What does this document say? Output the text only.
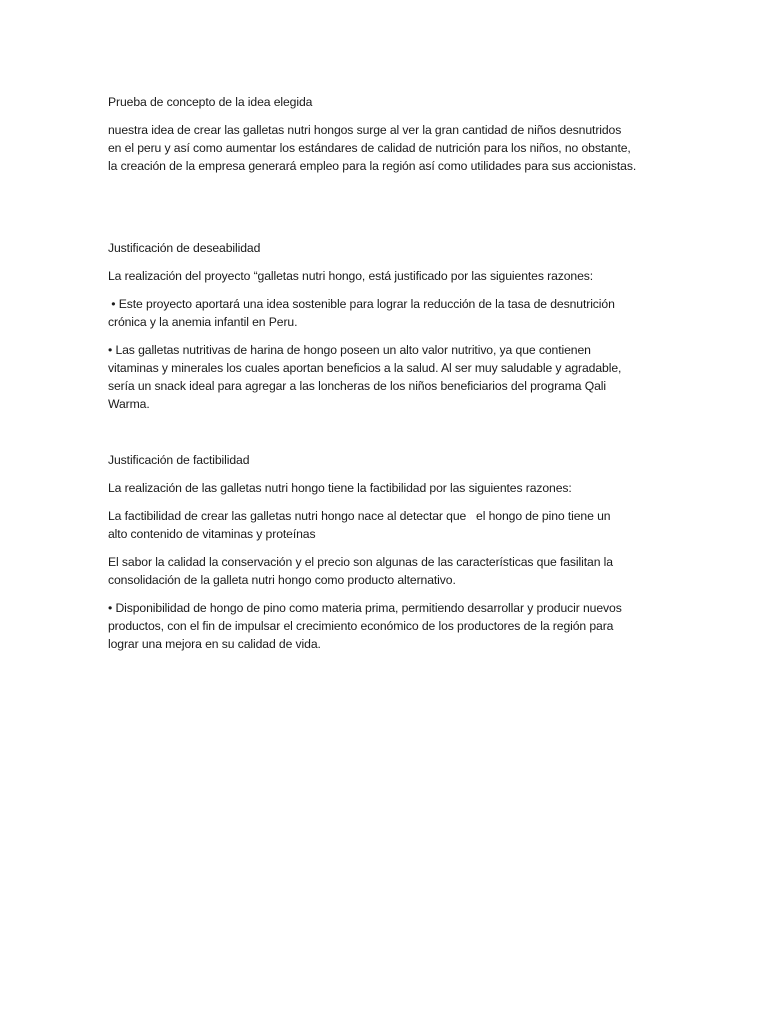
Prueba de concepto de la idea elegida

nuestra idea de crear las galletas nutri hongos surge al ver la gran cantidad de niños desnutridos
en el peru y así como aumentar los estándares de calidad de nutrición para los niños, no obstante,
la creación de la empresa generará empleo para la región así como utilidades para sus accionistas.

Justificación de deseabilidad

La realización del proyecto “galletas nutri hongo, está justificado por las siguientes razones:

• Este proyecto aportará una idea sostenible para lograr la reducción de la tasa de desnutrición
crónica y la anemia infantil en Peru.

• Las galletas nutritivas de harina de hongo poseen un alto valor nutritivo, ya que contienen
vitaminas y minerales los cuales aportan beneficios a la salud. Al ser muy saludable y agradable,
sería un snack ideal para agregar a las loncheras de los niños beneficiarios del programa Qali
Warma.

Justificación de factibilidad

La realización de las galletas nutri hongo tiene la factibilidad por las siguientes razones:

La factibilidad de crear las galletas nutri hongo nace al detectar que   el hongo de pino tiene un
alto contenido de vitaminas y proteínas

El sabor la calidad la conservación y el precio son algunas de las características que fasilitan la
consolidación de la galleta nutri hongo como producto alternativo.

• Disponibilidad de hongo de pino como materia prima, permitiendo desarrollar y producir nuevos
productos, con el fin de impulsar el crecimiento económico de los productores de la región para
lograr una mejora en su calidad de vida.
